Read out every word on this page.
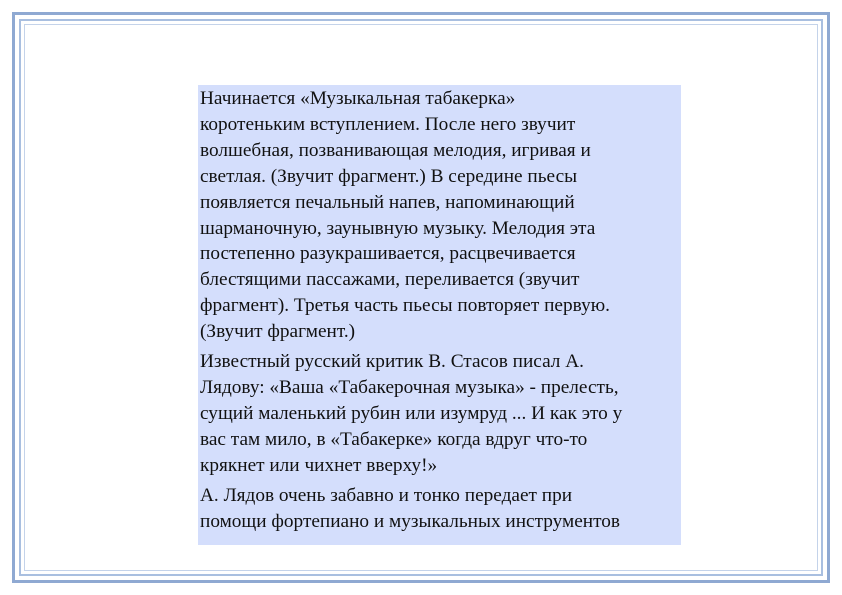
Начинается «Музыкальная табакерка»
коротеньким вступлением. После него звучит
волшебная, позванивающая мелодия, игривая и
светлая. (Звучит фрагмент.) В середине пьесы
появляется печальный напев, напоминающий
шарманочную, заунывную музыку. Мелодия эта
постепенно разукрашивается, расцвечивается
блестящими пассажами, переливается (звучит
фрагмент). Третья часть пьесы повторяет первую.
(Звучит фрагмент.)

Известный русский критик В. Стасов писал А.
Лядову: «Ваша «Табакерочная музыка» - прелесть,
сущий маленький рубин или изумруд ... И как это у
вас там мило, в «Табакерке» когда вдруг что-то
крякнет или чихнет вверху!»

А. Лядов очень забавно и тонко передает при
помощи фортепиано и музыкальных инструментов
